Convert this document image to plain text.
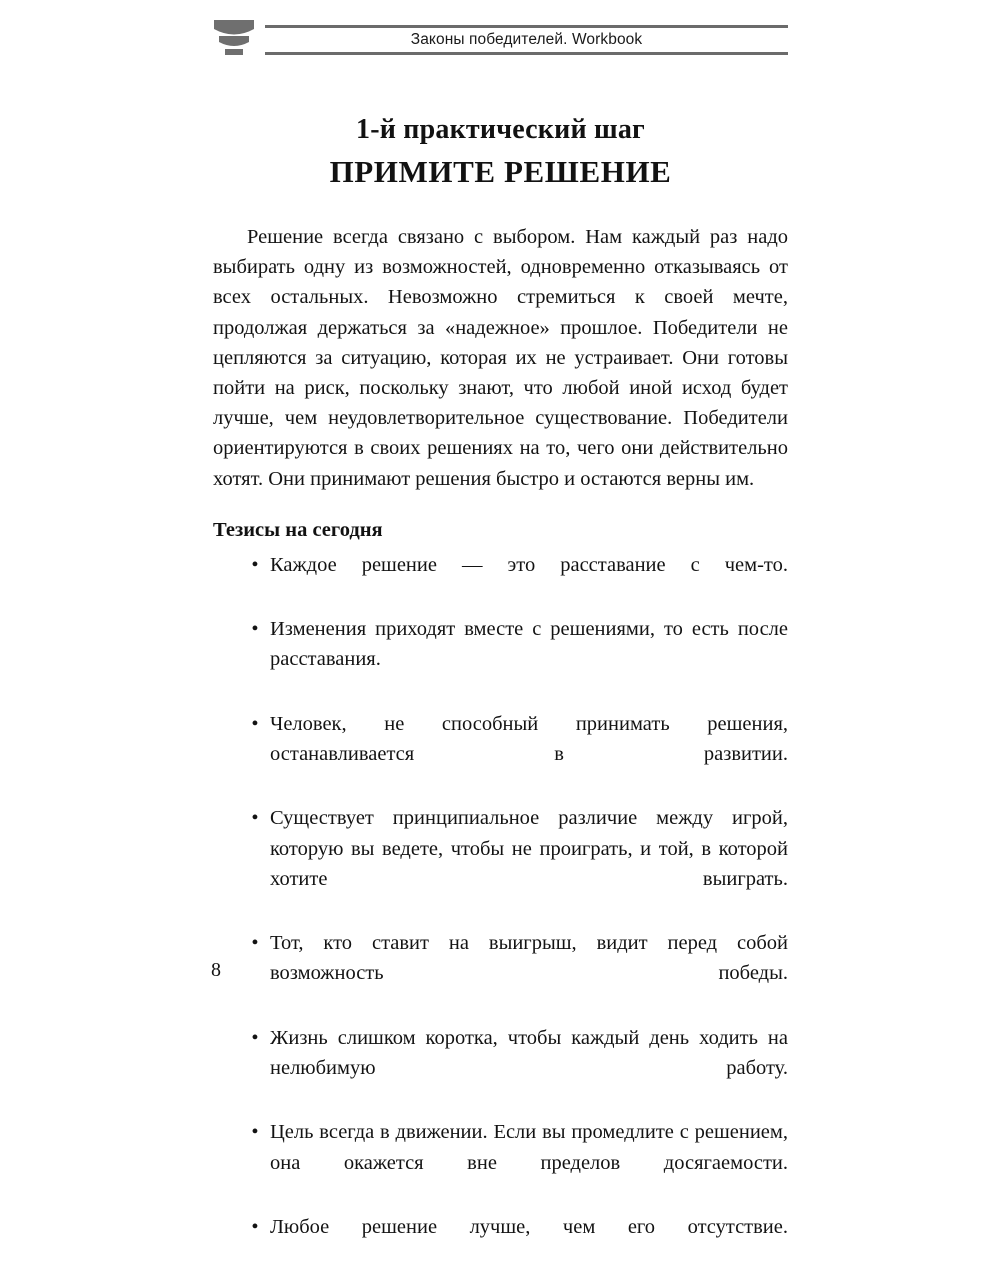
Законы победителей. Workbook
1-й практический шаг
ПРИМИТЕ РЕШЕНИЕ

Решение всегда связано с выбором. Нам каждый раз надо выбирать одну из возможностей, одновременно отказываясь от всех остальных. Невозможно стремиться к своей мечте, продолжая держаться за «надежное» прошлое. Победители не цепляются за ситуацию, которая их не устраивает. Они готовы пойти на риск, поскольку знают, что любой иной исход будет лучше, чем неудовлетворительное существование. Победители ориентируются в своих решениях на то, чего они действительно хотят. Они принимают решения быстро и остаются верны им.

Тезисы на сегодня
• Каждое решение — это расставание с чем-то.
• Изменения приходят вместе с решениями, то есть после расставания.
• Человек, не способный принимать решения, останавливается в развитии.
• Существует принципиальное различие между игрой, которую вы ведете, чтобы не проиграть, и той, в которой хотите выиграть.
• Тот, кто ставит на выигрыш, видит перед собой возможность победы.
• Жизнь слишком коротка, чтобы каждый день ходить на нелюбимую работу.
• Цель всегда в движении. Если вы промедлите с решением, она окажется вне пределов досягаемости.
• Любое решение лучше, чем его отсутствие.
8
